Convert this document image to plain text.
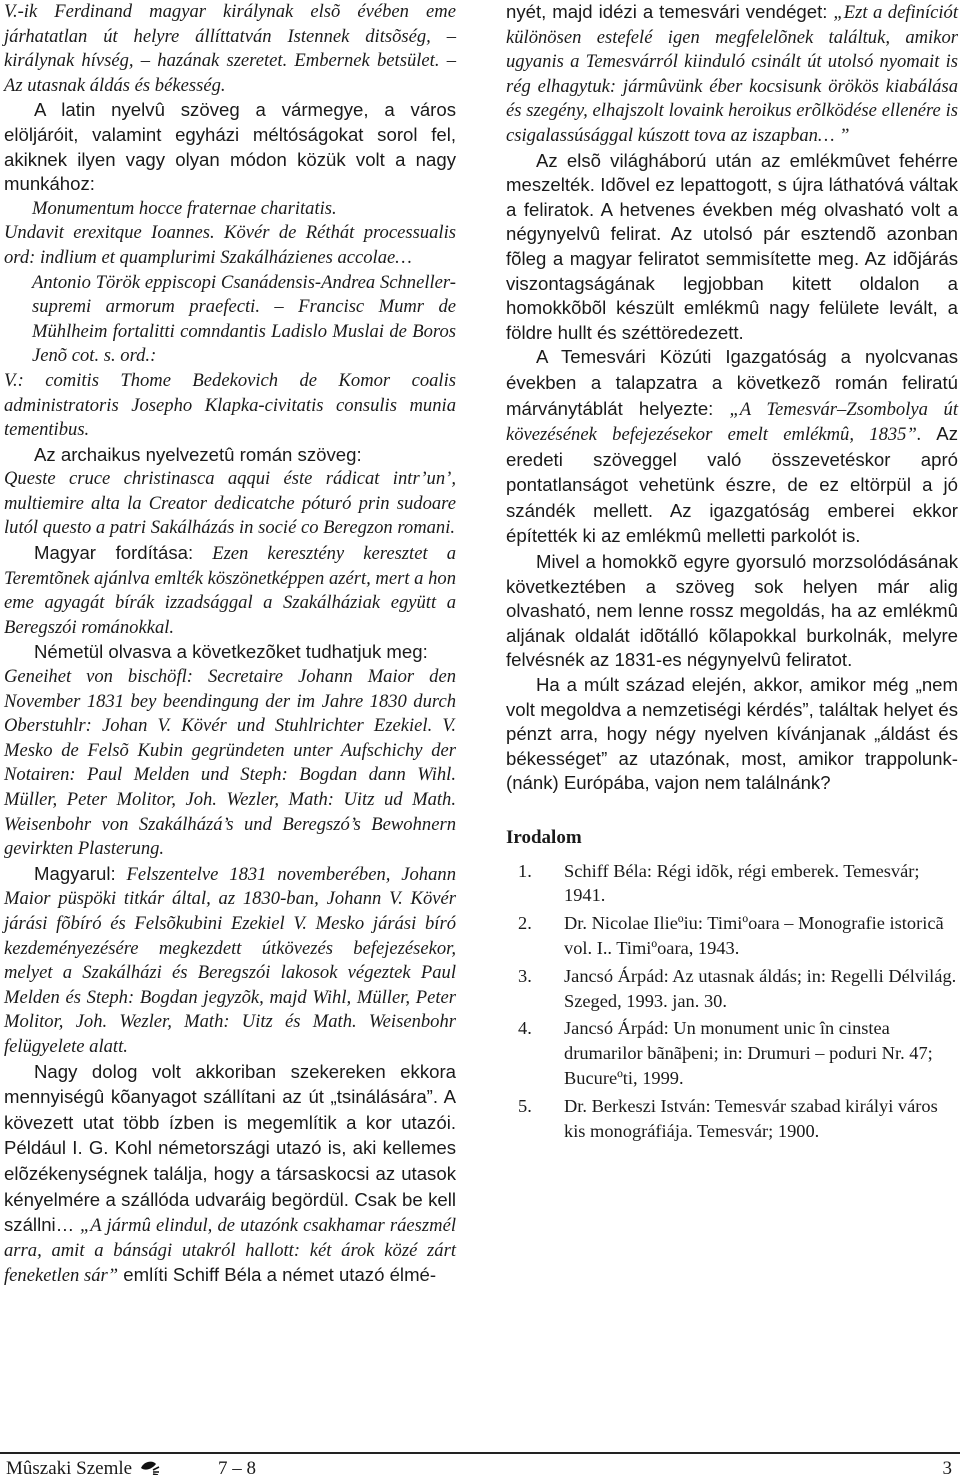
V.-ik Ferdinand magyar királynak elsõ évében eme járhatatlan út helyre állíttatván Istennek ditsõség, – királynak hívség, – hazának szeretet. Embernek betsület. – Az utasnak áldás és békesség.

A latin nyelvû szöveg a vármegye, a város elöljáróit, valamint egyházi méltóságokat sorol fel, akiknek ilyen vagy olyan módon közük volt a nagy munkához:

Monumentum hocce fraternae charitatis.

Undavit erexitque Ioannes. Kövér de Réthát processualis ord: indlium et quamplurimi Szakálházienes accolae…

Antonio Török eppiscopi Csanádensis-Andrea Schneller-supremi armorum praefecti. – Francisc Mumr de Mühlheim fortalitti comndantis Ladislo Muslai de Boros Jenõ cot. s. ord.:

V.: comitis Thome Bedekovich de Komor coalis administratoris Josepho Klapka-civitatis consulis munia tementibus.

Az archaikus nyelvezetû román szöveg:

Queste cruce christinasca aqqui éste rádicat intr’un’, multiemire alta la Creator dedicatche póturó prin sudoare lutól questo a patri Sakálházás in socié co Beregzon romani.

Magyar fordítása: Ezen keresztény keresztet a Teremtõnek ajánlva emlték köszönetképpen azért, mert a hon eme agyagát bírák izzadsággal a Szakálháziak együtt a Beregszói románokkal.

Németül olvasva a következõket tudhatjuk meg:

Geneihet von bischöfl: Secretaire Johann Maior den November 1831 bey beendingung der im Jahre 1830 durch Oberstuhlr: Johan V. Kövér und Stuhlrichter Ezekiel. V. Mesko de Felsõ Kubin gegründeten unter Aufschichy der Notairen: Paul Melden und Steph: Bogdan dann Wihl. Müller, Peter Molitor, Joh. Wezler, Math: Uitz ud Math. Weisenbohr von Szakálházá’s und Beregszó’s Bewohnern gevirkten Plasterung.

Magyarul: Felszentelve 1831 novemberében, Johann Maior püspöki titkár által, az 1830-ban, Johann V. Kövér járási fõbíró és Felsõkubini Ezekiel V. Mesko járási bíró kezdeményezésére megkezdett útkövezés befejezésekor, melyet a Szakálházi és Beregszói lakosok végeztek Paul Melden és Steph: Bogdan jegyzõk, majd Wihl, Müller, Peter Molitor, Joh. Wezler, Math: Uitz és Math. Weisenbohr felügyelete alatt.

Nagy dolog volt akkoriban szekereken ekkora mennyiségû kõanyagot szállítani az út „tsinálására”. A kövezett utat több ízben is megemlítik a kor utazói. Például I. G. Kohl németországi utazó is, aki kellemes elõzékenységnek találja, hogy a társaskocsi az utasok kényelmére a szállóda udvaráig begördül. Csak be kell szállni… „A jármû elindul, de utazónk csakhamar ráeszmél arra, amit a bánsági utakról hallott: két árok közé zárt feneketlen sár” említi Schiff Béla a német utazó élmé-

nyét, majd idézi a temesvári vendéget: „Ezt a definíciót különösen estefelé igen megfelelõnek találtuk, amikor ugyanis a Temesvárról kiinduló csinált út utolsó nyomait is rég elhagytuk: jármûvünk éber kocsisunk örökös kiabálása és szegény, elhajszolt lovaink heroikus erõlködése ellenére is csigalassúsággal kúszott tova az iszapban… ”

Az elsõ világháború után az emlékmûvet fehérre meszelték. Idõvel ez lepattogott, s újra láthatóvá váltak a feliratok. A hetvenes években még olvasható volt a négynyelvû felirat. Az utolsó pár esztendõ azonban fõleg a magyar feliratot semmisítette meg. Az idõjárás viszontagságának legjobban kitett oldalon a homokkõbõl készült emlékmû nagy felülete levált, a földre hullt és széttöredezett.

A Temesvári Közúti Igazgatóság a nyolcvanas években a talapzatra a következõ román feliratú márványtáblát helyezte: „A Temesvár–Zsombolya út kövezésének befejezésekor emelt emlékmû, 1835”. Az eredeti szöveggel való összevetéskor apró pontatlanságot vehetünk észre, de ez eltörpül a jó szándék mellett. Az igazgatóság emberei ekkor építették ki az emlékmû melletti parkolót is.

Mivel a homokkõ egyre gyorsuló morzsolódásának következtében a szöveg sok helyen már alig olvasható, nem lenne rossz megoldás, ha az emlékmû aljának oldalát idõtálló kõlapokkal burkolnák, melyre felvésnék az 1831-es négynyelvû feliratot.

Ha a múlt század elején, akkor, amikor még „nem volt megoldva a nemzetiségi kérdés”, találtak helyet és pénzt arra, hogy négy nyelven kívánjanak „áldást és békességet” az utazónak, most, amikor trappolunk-(nánk) Európába, vajon nem találnánk?

Irodalom
1.	Schiff Béla: Régi idõk, régi emberek. Temesvár; 1941.
2.	Dr. Nicolae Ilieºiu: Timiºoara – Monografie istoricã vol. I.. Timiºoara, 1943.
3.	Jancsó Árpád: Az utasnak áldás; in: Regelli Délvilág. Szeged, 1993. jan. 30.
4.	Jancsó Árpád: Un monument unic în cinstea drumarilor bãnãþeni; in: Drumuri – poduri Nr. 47; Bucureºti, 1999.
5.	Dr. Berkeszi István: Temesvár szabad királyi város kis monográfiája. Temesvár; 1900.
Mûszaki Szemle	7 – 8	3
